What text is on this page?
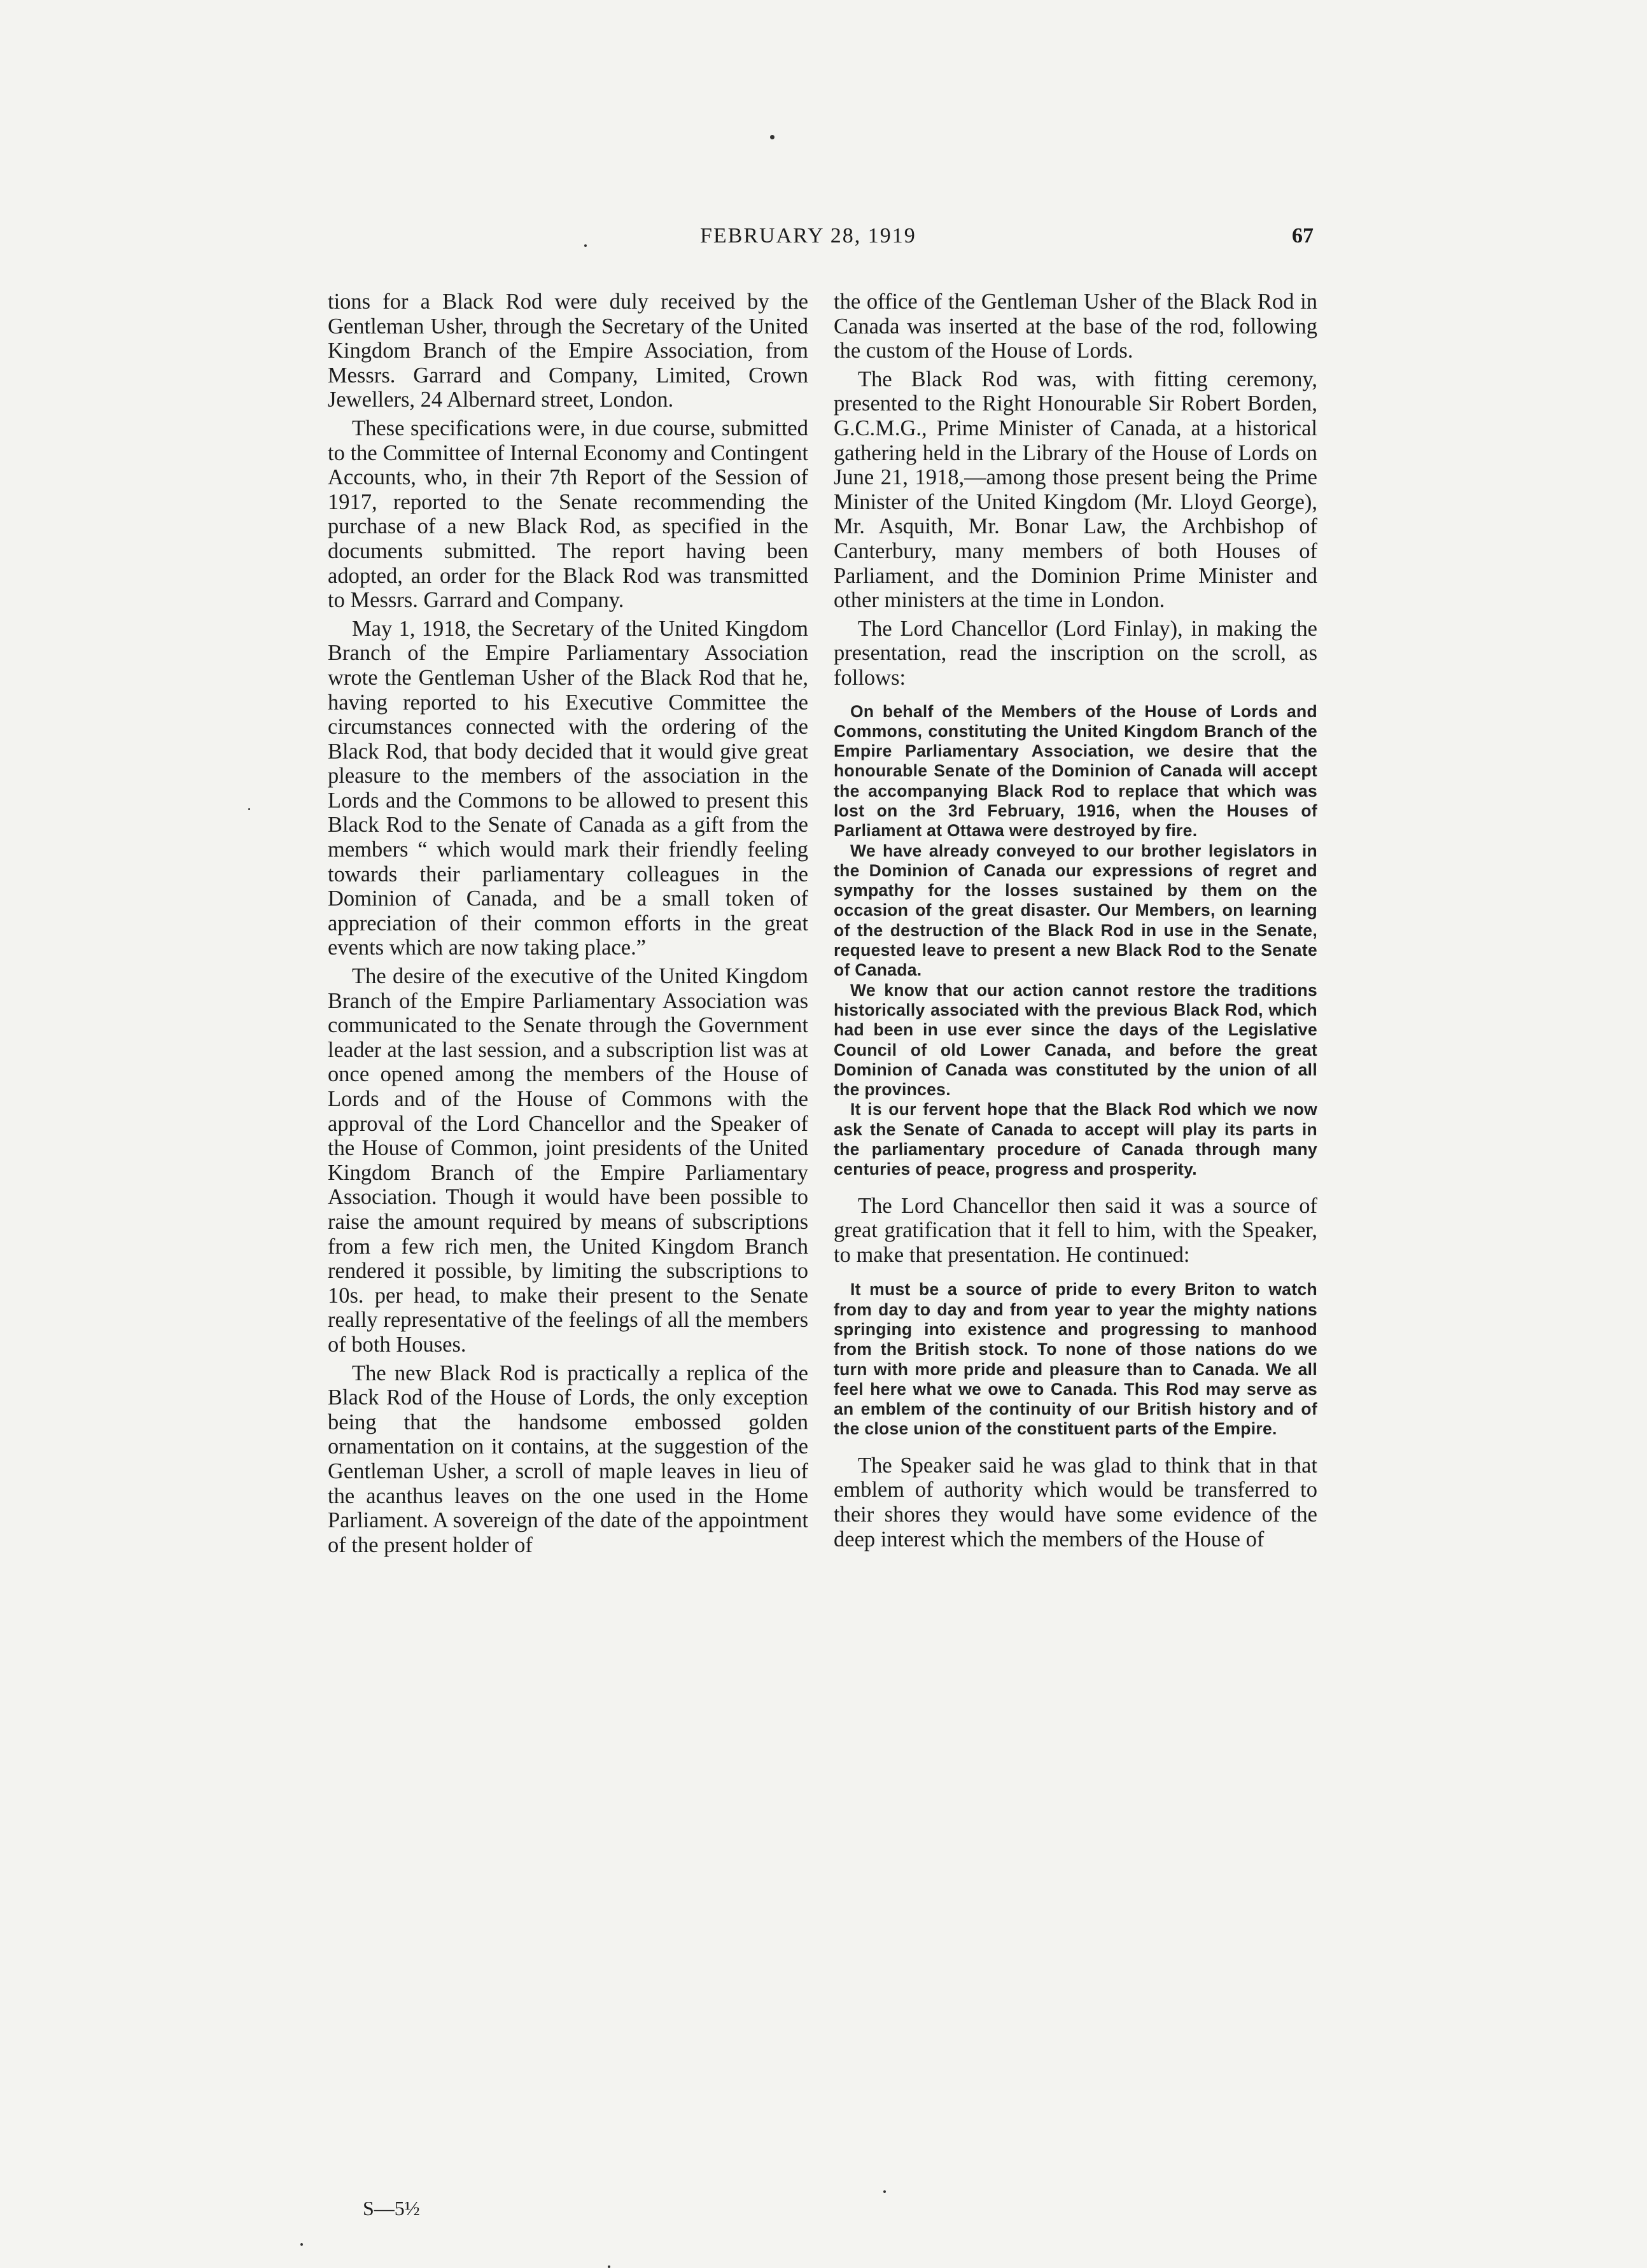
FEBRUARY 28, 1919	67

tions for a Black Rod were duly received by the Gentleman Usher, through the Secretary of the United Kingdom Branch of the Empire Association, from Messrs. Garrard and Company, Limited, Crown Jewellers, 24 Albernard street, London.

These specifications were, in due course, submitted to the Committee of Internal Economy and Contingent Accounts, who, in their 7th Report of the Session of 1917, reported to the Senate recommending the purchase of a new Black Rod, as specified in the documents submitted. The report having been adopted, an order for the Black Rod was transmitted to Messrs. Garrard and Company.

May 1, 1918, the Secretary of the United Kingdom Branch of the Empire Parliamentary Association wrote the Gentleman Usher of the Black Rod that he, having reported to his Executive Committee the circumstances connected with the ordering of the Black Rod, that body decided that it would give great pleasure to the members of the association in the Lords and the Commons to be allowed to present this Black Rod to the Senate of Canada as a gift from the members “ which would mark their friendly feeling towards their parliamentary colleagues in the Dominion of Canada, and be a small token of appreciation of their common efforts in the great events which are now taking place.”

The desire of the executive of the United Kingdom Branch of the Empire Parliamentary Association was communicated to the Senate through the Government leader at the last session, and a subscription list was at once opened among the members of the House of Lords and of the House of Commons with the approval of the Lord Chancellor and the Speaker of the House of Common, joint presidents of the United Kingdom Branch of the Empire Parliamentary Association. Though it would have been possible to raise the amount required by means of subscriptions from a few rich men, the United Kingdom Branch rendered it possible, by limiting the subscriptions to 10s. per head, to make their present to the Senate really representative of the feelings of all the members of both Houses.

The new Black Rod is practically a replica of the Black Rod of the House of Lords, the only exception being that the handsome embossed golden ornamentation on it contains, at the suggestion of the Gentleman Usher, a scroll of maple leaves in lieu of the acanthus leaves on the one used in the Home Parliament. A sovereign of the date of the appointment of the present holder of

the office of the Gentleman Usher of the Black Rod in Canada was inserted at the base of the rod, following the custom of the House of Lords.

The Black Rod was, with fitting ceremony, presented to the Right Honourable Sir Robert Borden, G.C.M.G., Prime Minister of Canada, at a historical gathering held in the Library of the House of Lords on June 21, 1918,—among those present being the Prime Minister of the United Kingdom (Mr. Lloyd George), Mr. Asquith, Mr. Bonar Law, the Archbishop of Canterbury, many members of both Houses of Parliament, and the Dominion Prime Minister and other ministers at the time in London.

The Lord Chancellor (Lord Finlay), in making the presentation, read the inscription on the scroll, as follows:

On behalf of the Members of the House of Lords and Commons, constituting the United Kingdom Branch of the Empire Parliamentary Association, we desire that the honourable Senate of the Dominion of Canada will accept the accompanying Black Rod to replace that which was lost on the 3rd February, 1916, when the Houses of Parliament at Ottawa were destroyed by fire.

We have already conveyed to our brother legislators in the Dominion of Canada our expressions of regret and sympathy for the losses sustained by them on the occasion of the great disaster. Our Members, on learning of the destruction of the Black Rod in use in the Senate, requested leave to present a new Black Rod to the Senate of Canada.

We know that our action cannot restore the traditions historically associated with the previous Black Rod, which had been in use ever since the days of the Legislative Council of old Lower Canada, and before the great Dominion of Canada was constituted by the union of all the provinces.

It is our fervent hope that the Black Rod which we now ask the Senate of Canada to accept will play its parts in the parliamentary procedure of Canada through many centuries of peace, progress and prosperity.

The Lord Chancellor then said it was a source of great gratification that it fell to him, with the Speaker, to make that presentation. He continued:

It must be a source of pride to every Briton to watch from day to day and from year to year the mighty nations springing into existence and progressing to manhood from the British stock. To none of those nations do we turn with more pride and pleasure than to Canada. We all feel here what we owe to Canada. This Rod may serve as an emblem of the continuity of our British history and of the close union of the constituent parts of the Empire.

The Speaker said he was glad to think that in that emblem of authority which would be transferred to their shores they would have some evidence of the deep interest which the members of the House of

S—5½
